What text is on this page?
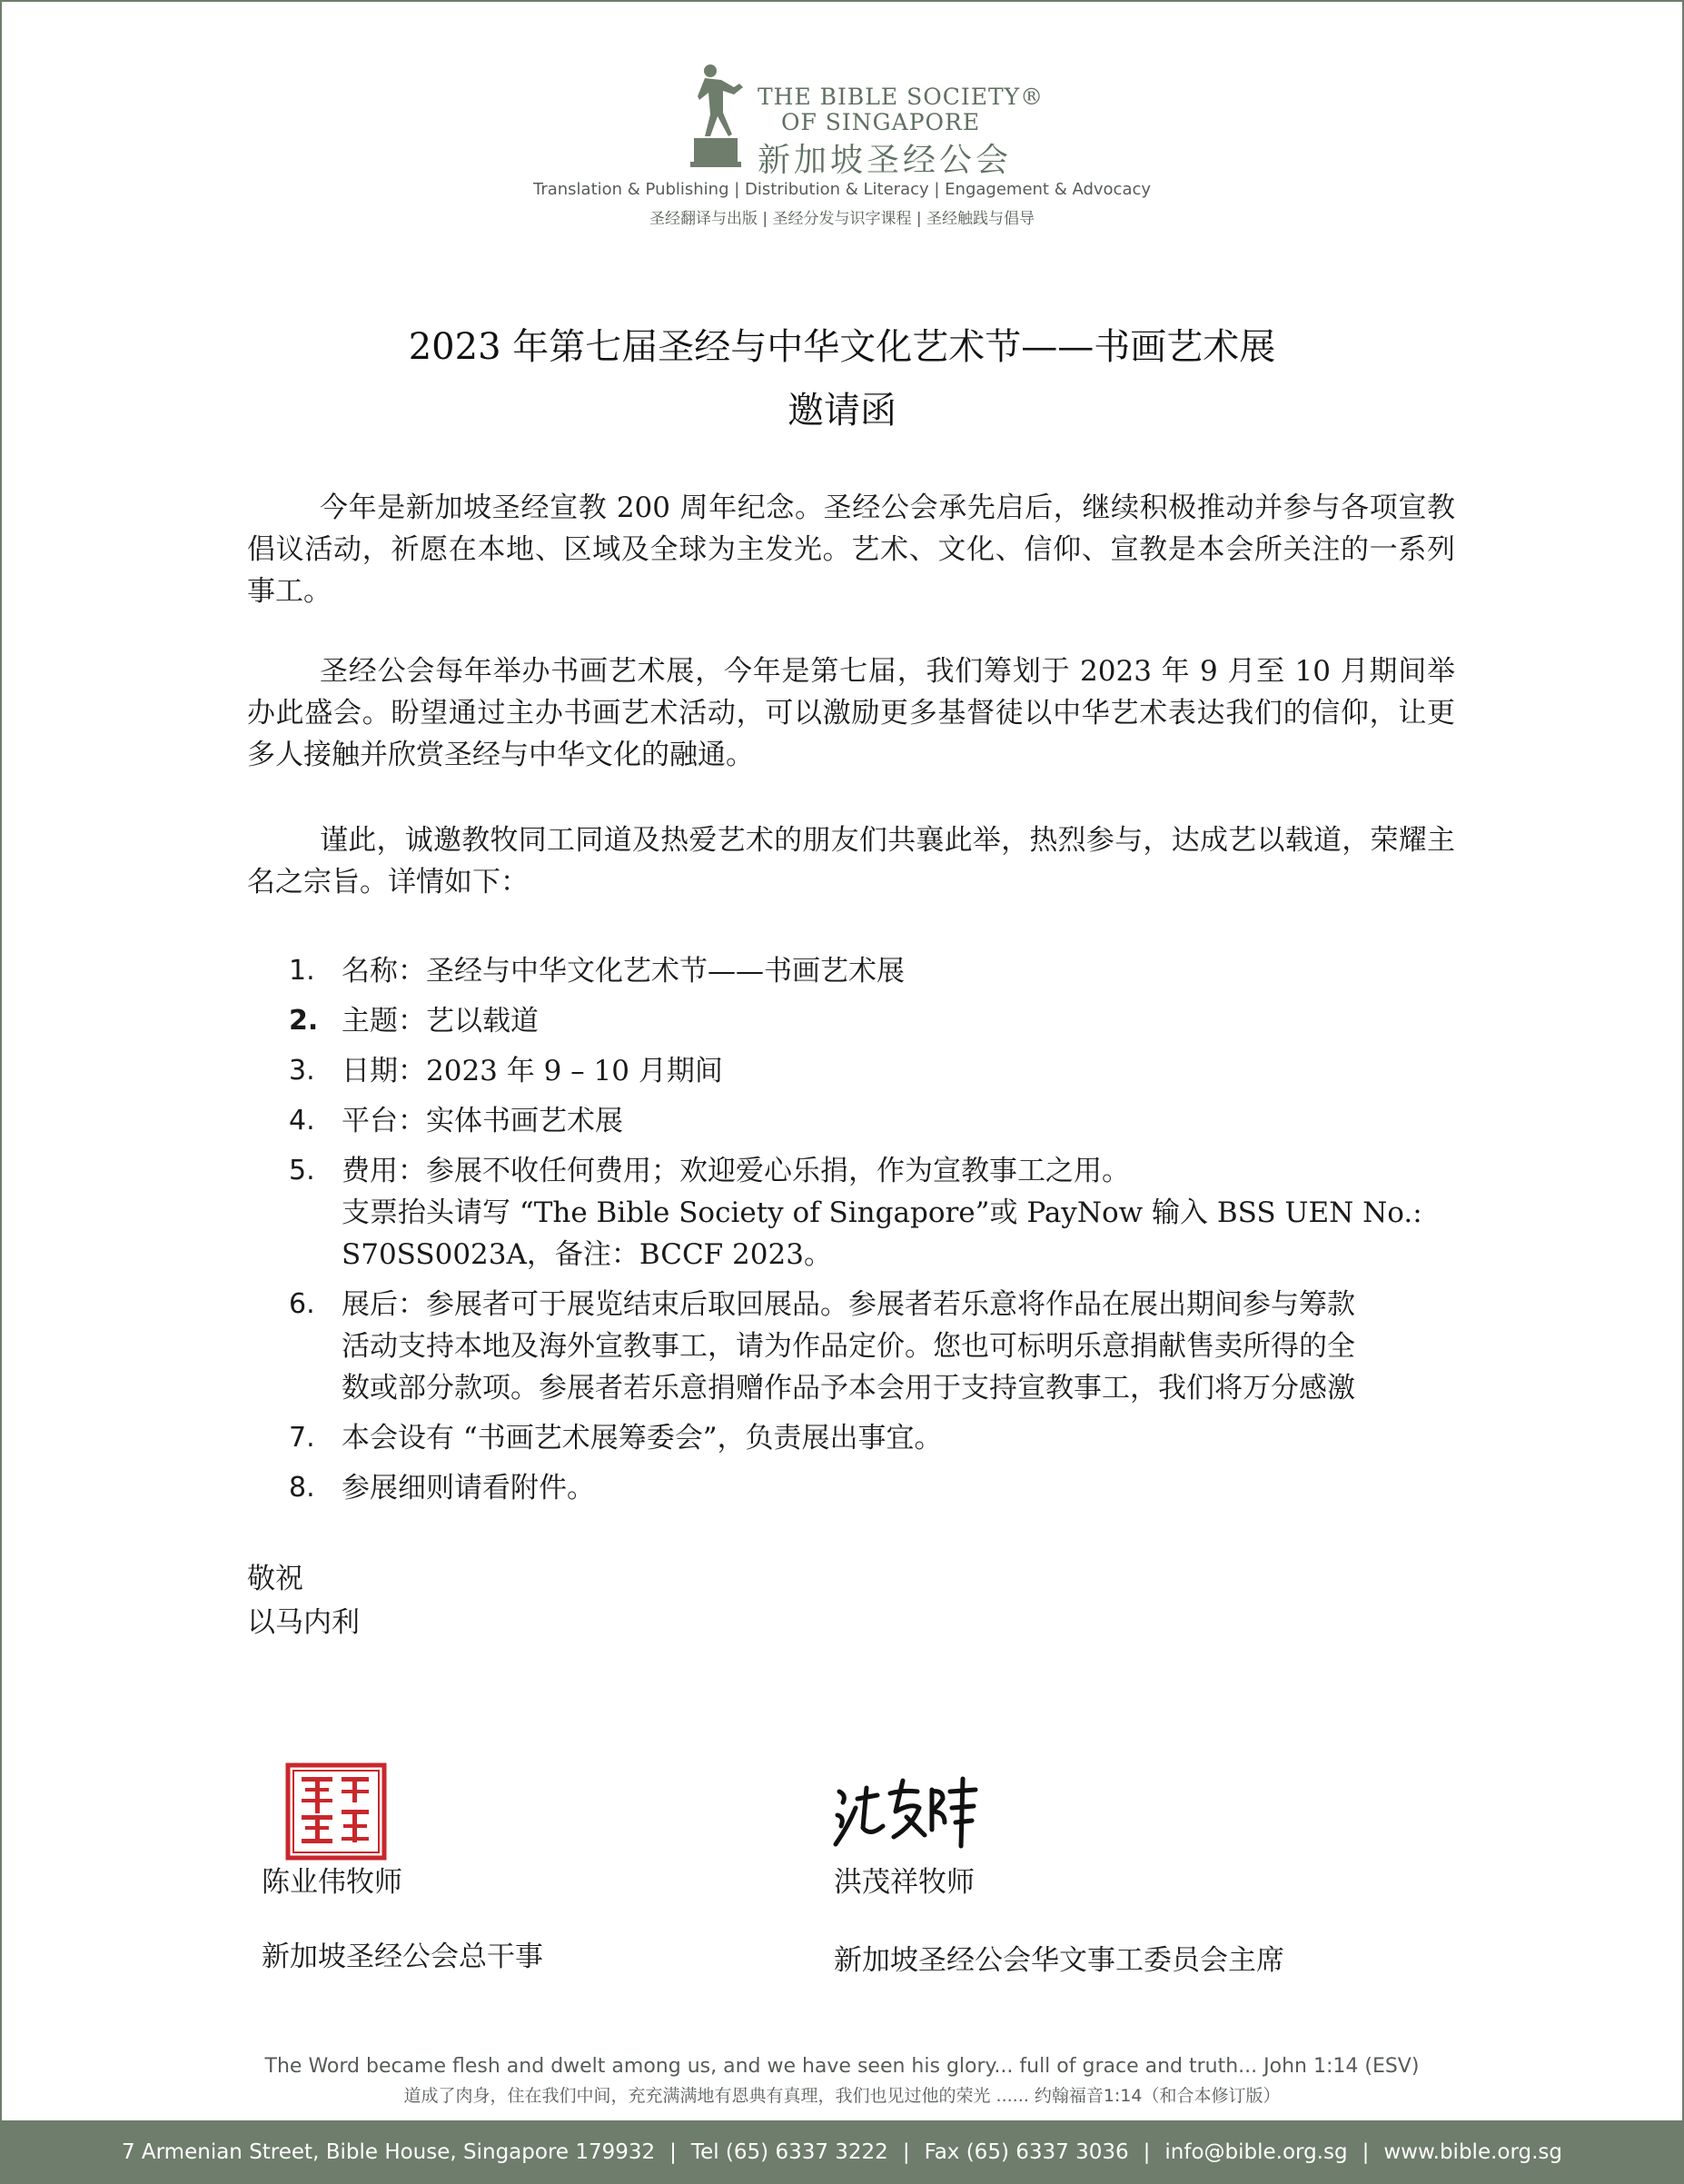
THE BIBLE SOCIETY®
OF SINGAPORE
新加坡圣经公会
Translation & Publishing | Distribution & Literacy | Engagement & Advocacy
圣经翻译与出版 | 圣经分发与识字课程 | 圣经触践与倡导
2023 年第七届圣经与中华文化艺术节——书画艺术展
邀请函

今年是新加坡圣经宣教 200 周年纪念。圣经公会承先启后，继续积极推动并参与各项宣教倡议活动，祈愿在本地、区域及全球为主发光。艺术、文化、信仰、宣教是本会所关注的一系列事工。

圣经公会每年举办书画艺术展，今年是第七届，我们筹划于 2023 年 9 月至 10 月期间举办此盛会。盼望通过主办书画艺术活动，可以激励更多基督徒以中华艺术表达我们的信仰，让更多人接触并欣赏圣经与中华文化的融通。

谨此，诚邀教牧同工同道及热爱艺术的朋友们共襄此举，热烈参与，达成艺以载道，荣耀主名之宗旨。详情如下：

1. 名称：圣经与中华文化艺术节——书画艺术展
2. 主题：艺以载道
3. 日期：2023 年 9 – 10 月期间
4. 平台：实体书画艺术展
5. 费用：参展不收任何费用；欢迎爱心乐捐，作为宣教事工之用。
支票抬头请写 “The Bible Society of Singapore”或 PayNow 输入 BSS UEN No.:
S70SS0023A，备注：BCCF 2023。
6. 展后：参展者可于展览结束后取回展品。参展者若乐意将作品在展出期间参与筹款
活动支持本地及海外宣教事工，请为作品定价。您也可标明乐意捐献售卖所得的全
数或部分款项。参展者若乐意捐赠作品予本会用于支持宣教事工，我们将万分感激
7. 本会设有 “书画艺术展筹委会”，负责展出事宜。
8. 参展细则请看附件。
敬祝
以马内利
陈业伟牧师
新加坡圣经公会总干事
洪茂祥牧师
新加坡圣经公会华文事工委员会主席
The Word became flesh and dwelt among us, and we have seen his glory... full of grace and truth... John 1:14 (ESV)
道成了肉身，住在我们中间，充充满满地有恩典有真理，我们也见过他的荣光 ...... 约翰福音1:14（和合本修订版）
7 Armenian Street, Bible House, Singapore 179932 | Tel (65) 6337 3222 | Fax (65) 6337 3036 | info@bible.org.sg | www.bible.org.sg
